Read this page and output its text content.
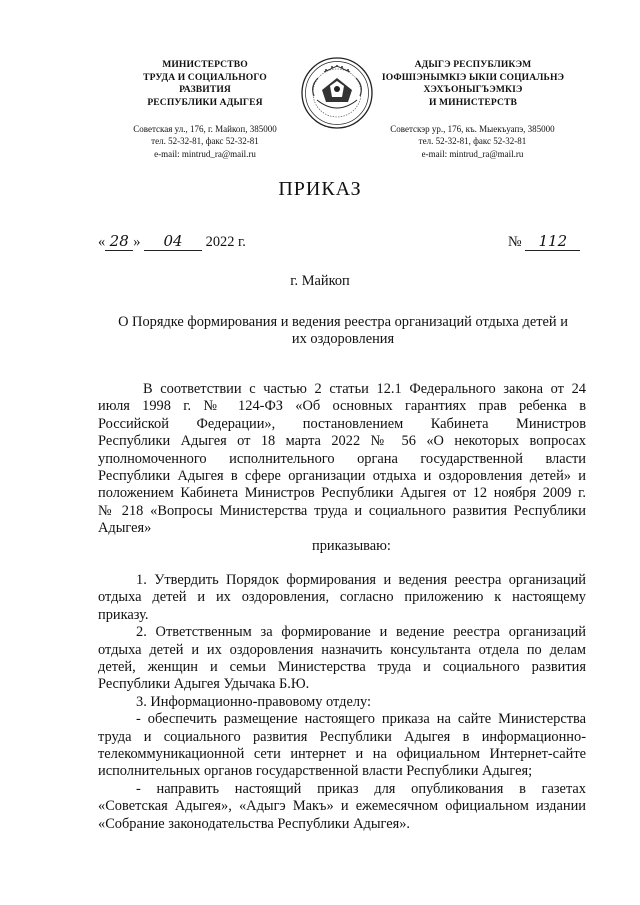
МИНИСТЕРСТВО
ТРУДА И СОЦИАЛЬНОГО
РАЗВИТИЯ
РЕСПУБЛИКИ АДЫГЕЯ
Советская ул., 176, г. Майкоп, 385000
тел. 52-32-81, факс 52-32-81
e-mail: mintrud_ra@mail.ru
АДЫГЭ РЕСПУБЛИКЭМ
IОФШIЭНЫМКIЭ ЫКIИ СОЦИАЛЬНЭ
ХЭХЪОНЫГЪЭМКIЭ
И МИНИСТЕРСТВ
Советскэр ур., 176, къ. Мыекъуапэ, 385000
тел. 52-32-81, факс 52-32-81
e-mail: mintrud_ra@mail.ru
ПРИКАЗ
« 28 » 04 2022 г.	№ 112
г. Майкоп
О Порядке формирования и ведения реестра организаций отдыха детей и
их оздоровления
В соответствии с частью 2 статьи 12.1 Федерального закона от 24
июля 1998 г. № 124-ФЗ «Об основных гарантиях прав ребенка в
Российской Федерации», постановлением Кабинета Министров
Республики Адыгея от 18 марта 2022 № 56 «О некоторых вопросах
уполномоченного исполнительного органа государственной власти
Республики Адыгея в сфере организации отдыха и оздоровления детей» и
положением Кабинета Министров Республики Адыгея от 12 ноября 2009 г.
№ 218 «Вопросы Министерства труда и социального развития Республики
Адыгея»
приказываю:
1. Утвердить Порядок формирования и ведения реестра организаций
отдыха детей и их оздоровления, согласно приложению к настоящему
приказу.
2. Ответственным за формирование и ведение реестра организаций
отдыха детей и их оздоровления назначить консультанта отдела по делам
детей, женщин и семьи Министерства труда и социального развития
Республики Адыгея Удычака Б.Ю.
3. Информационно-правовому отделу:
- обеспечить размещение настоящего приказа на сайте Министерства
труда и социального развития Республики Адыгея в информационно-
телекоммуникационной сети интернет и на официальном Интернет-сайте
исполнительных органов государственной власти Республики Адыгея;
- направить настоящий приказ для опубликования в газетах
«Советская Адыгея», «Адыгэ Макъ» и ежемесячном официальном издании
«Собрание законодательства Республики Адыгея».
